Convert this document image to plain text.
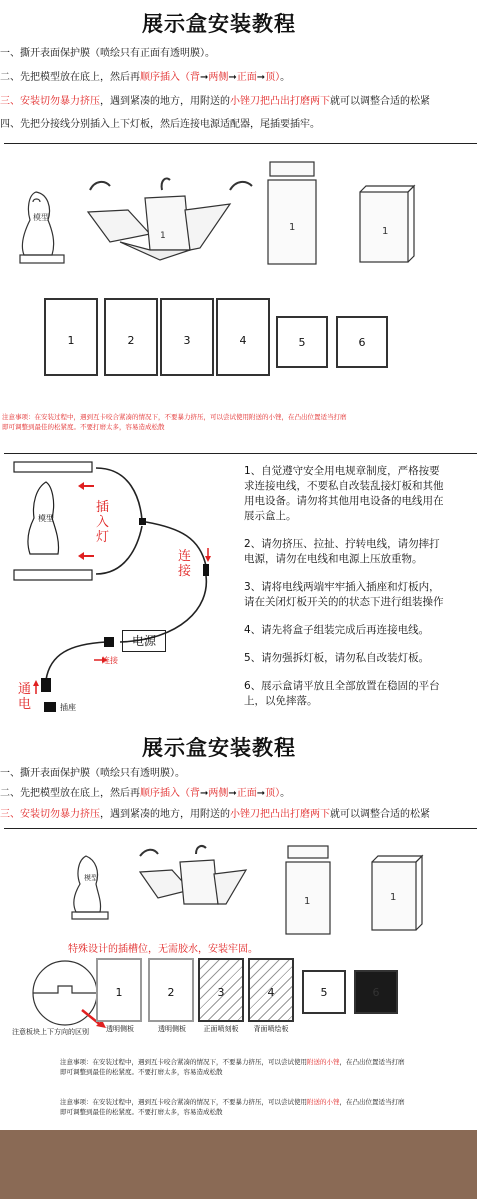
展示盒安装教程
一、撕开表面保护膜（喷绘只有正面有透明膜）。
二、先把模型放在底上，然后再顺序插入（背➞两侧➞正面➞顶）。
三、安装切勿暴力挤压，遇到紧凑的地方，用附送的小锉刀把凸出打磨两下就可以调整合适的松紧
四、先把分接线分别插入上下灯板，然后连接电源适配器，尾插要插牢。
模型
1
1	1
1	2	3	4	5	6
注意事项：在安装过程中，遇到互卡咬合紧凑的情况下，不要暴力挤压，可以尝试使用附送的小锉，在凸出位置适当打磨
即可调整到最佳的松紧度。不要打磨太多，容易造成松散
模型
插
入
灯
连
接
电源
连接
通
电	插座
1、自觉遵守安全用电规章制度，严格按要
求连接电线，不要私自改装乱接灯板和其他
用电设备。请勿将其他用电设备的电线用在
展示盒上。
2、请勿挤压、拉扯、拧转电线，请勿摔打
电源，请勿在电线和电源上压放重物。
3、请将电线两端牢牢插入插座和灯板内，
请在关闭灯板开关的的状态下进行组装操作
4、请先将盒子组装完成后再连接电线。
5、请勿强拆灯板，请勿私自改装灯板。
6、展示盒请平放且全部放置在稳固的平台
上，以免摔落。
展示盒安装教程
一、撕开表面保护膜（喷绘只有透明膜）。
二、先把模型放在底上，然后再顺序插入（背➞两侧➞正面➞顶）。
三、安装切勿暴力挤压，遇到紧凑的地方，用附送的小锉刀把凸出打磨两下就可以调整合适的松紧
模型
1	1
特殊设计的插槽位，无需胶水，安装牢固。
注意板块上下方向的区别
1	2	3	4	5	6
透明侧板	透明侧板	正面喷刻板	背面喷绘板
注意事项：在安装过程中，遇到互卡咬合紧凑的情况下，不要暴力挤压，可以尝试使用附送的小锉，在凸出位置适当打磨
即可调整到最佳的松紧度。不要打磨太多，容易造成松散
注意事项：在安装过程中，遇到互卡咬合紧凑的情况下，不要暴力挤压，可以尝试使用附送的小锉，在凸出位置适当打磨
即可调整到最佳的松紧度。不要打磨太多，容易造成松散
